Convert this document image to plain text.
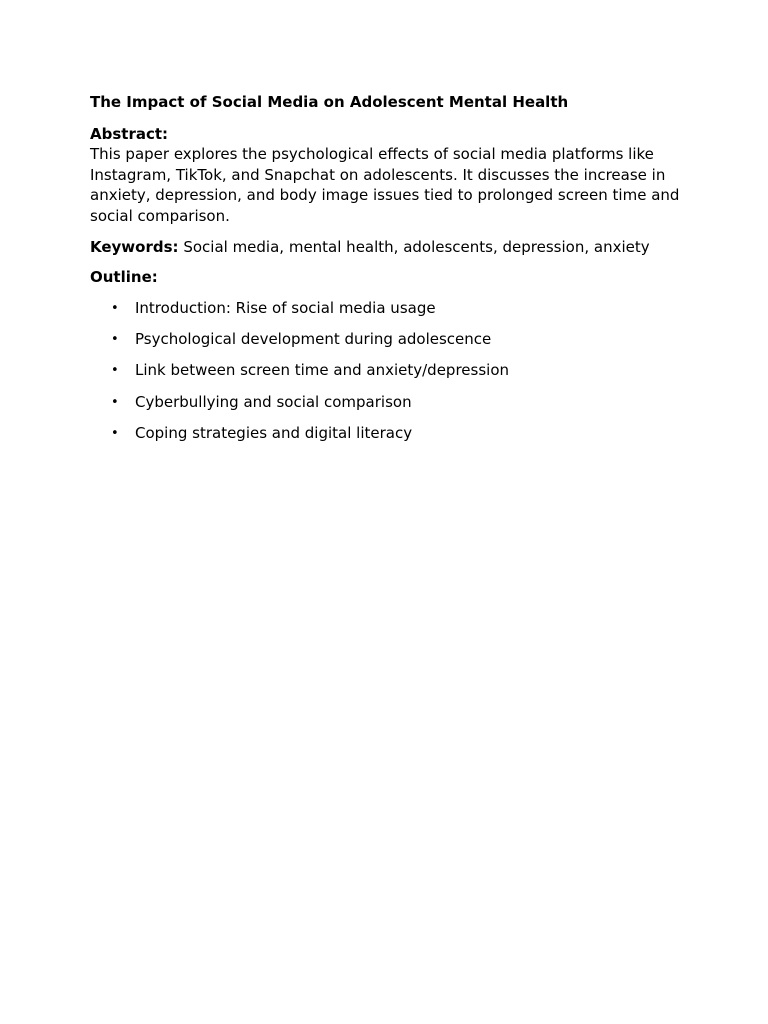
The Impact of Social Media on Adolescent Mental Health
Abstract:
This paper explores the psychological effects of social media platforms like Instagram, TikTok, and Snapchat on adolescents. It discusses the increase in anxiety, depression, and body image issues tied to prolonged screen time and social comparison.
Keywords: Social media, mental health, adolescents, depression, anxiety
Outline:
• Introduction: Rise of social media usage
• Psychological development during adolescence
• Link between screen time and anxiety/depression
• Cyberbullying and social comparison
• Coping strategies and digital literacy
